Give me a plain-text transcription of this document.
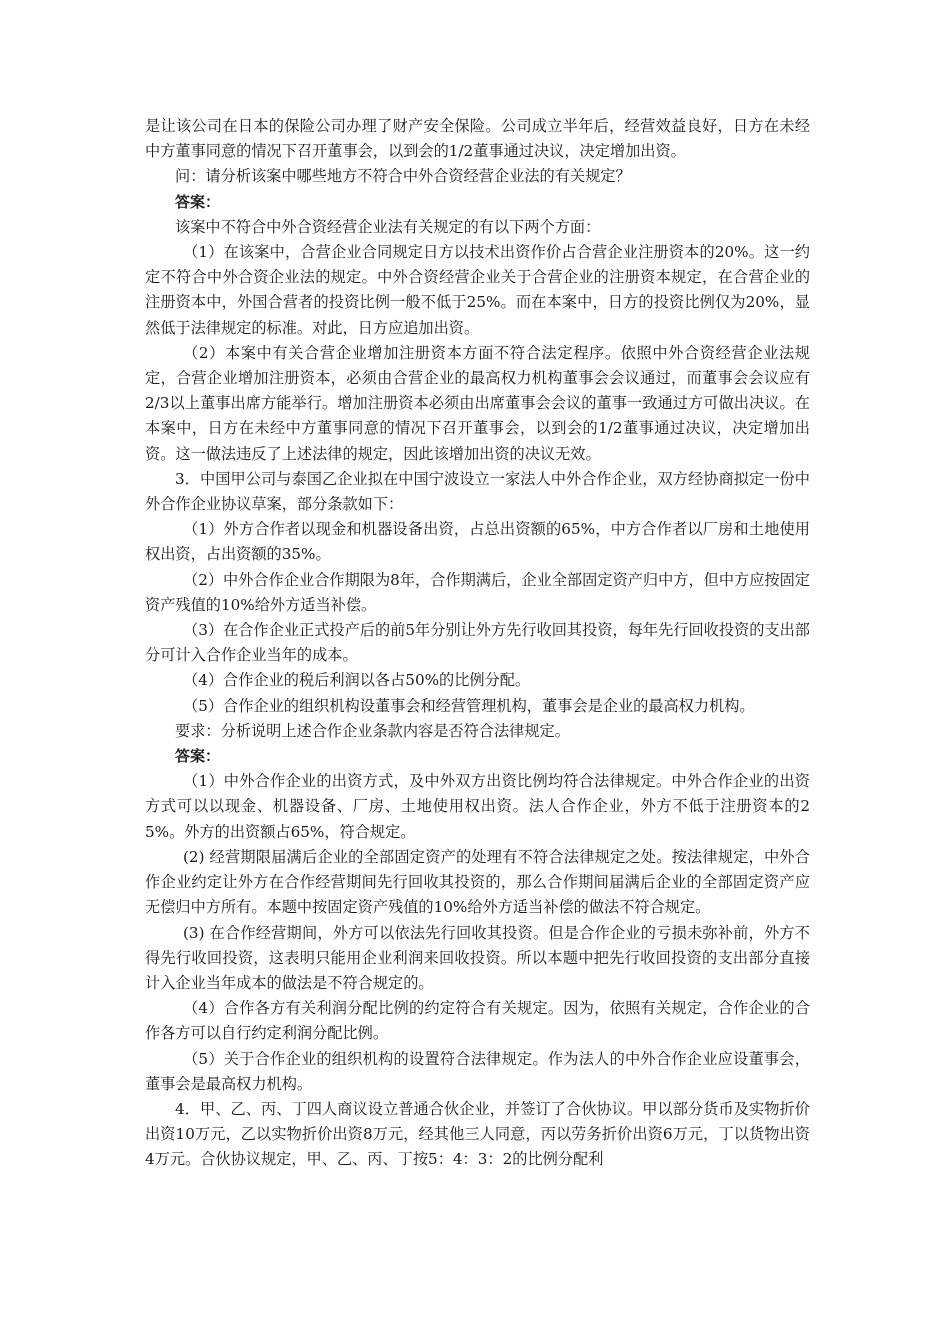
是让该公司在日本的保险公司办理了财产安全保险。公司成立半年后，经营效益良好，日方在未经中方董事同意的情况下召开董事会，以到会的1/2董事通过决议，决定增加出资。

问：请分析该案中哪些地方不符合中外合资经营企业法的有关规定？

答案：

该案中不符合中外合资经营企业法有关规定的有以下两个方面：

（1）在该案中，合营企业合同规定日方以技术出资作价占合营企业注册资本的20%。这一约定不符合中外合资企业法的规定。中外合资经营企业关于合营企业的注册资本规定，在合营企业的注册资本中，外国合营者的投资比例一般不低于25%。而在本案中，日方的投资比例仅为20%，显然低于法律规定的标准。对此，日方应追加出资。

（2）本案中有关合营企业增加注册资本方面不符合法定程序。依照中外合资经营企业法规定，合营企业增加注册资本，必须由合营企业的最高权力机构董事会会议通过，而董事会会议应有2/3以上董事出席方能举行。增加注册资本必须由出席董事会会议的董事一致通过方可做出决议。在本案中，日方在未经中方董事同意的情况下召开董事会，以到会的1/2董事通过决议，决定增加出资。这一做法违反了上述法律的规定，因此该增加出资的决议无效。

3．中国甲公司与泰国乙企业拟在中国宁波设立一家法人中外合作企业，双方经协商拟定一份中外合作企业协议草案，部分条款如下：

（1）外方合作者以现金和机器设备出资，占总出资额的65%，中方合作者以厂房和土地使用权出资，占出资额的35%。

（2）中外合作企业合作期限为8年，合作期满后，企业全部固定资产归中方，但中方应按固定资产残值的10%给外方适当补偿。

（3）在合作企业正式投产后的前5年分别让外方先行收回其投资，每年先行回收投资的支出部分可计入合作企业当年的成本。

（4）合作企业的税后利润以各占50%的比例分配。

（5）合作企业的组织机构设董事会和经营管理机构，董事会是企业的最高权力机构。

要求：分析说明上述合作企业条款内容是否符合法律规定。

答案：

（1）中外合作企业的出资方式，及中外双方出资比例均符合法律规定。中外合作企业的出资方式可以以现金、机器设备、厂房、土地使用权出资。法人合作企业，外方不低于注册资本的25%。外方的出资额占65%，符合规定。

(2) 经营期限届满后企业的全部固定资产的处理有不符合法律规定之处。按法律规定，中外合作企业约定让外方在合作经营期间先行回收其投资的，那么合作期间届满后企业的全部固定资产应无偿归中方所有。本题中按固定资产残值的10%给外方适当补偿的做法不符合规定。

(3) 在合作经营期间，外方可以依法先行回收其投资。但是合作企业的亏损未弥补前，外方不得先行收回投资，这表明只能用企业利润来回收投资。所以本题中把先行收回投资的支出部分直接计入企业当年成本的做法是不符合规定的。

（4）合作各方有关利润分配比例的约定符合有关规定。因为，依照有关规定，合作企业的合作各方可以自行约定利润分配比例。

（5）关于合作企业的组织机构的设置符合法律规定。作为法人的中外合作企业应设董事会，董事会是最高权力机构。

4．甲、乙、丙、丁四人商议设立普通合伙企业，并签订了合伙协议。甲以部分货币及实物折价出资10万元，乙以实物折价出资8万元，经其他三人同意，丙以劳务折价出资6万元，丁以货物出资4万元。合伙协议规定，甲、乙、丙、丁按5：4：3：2的比例分配利
